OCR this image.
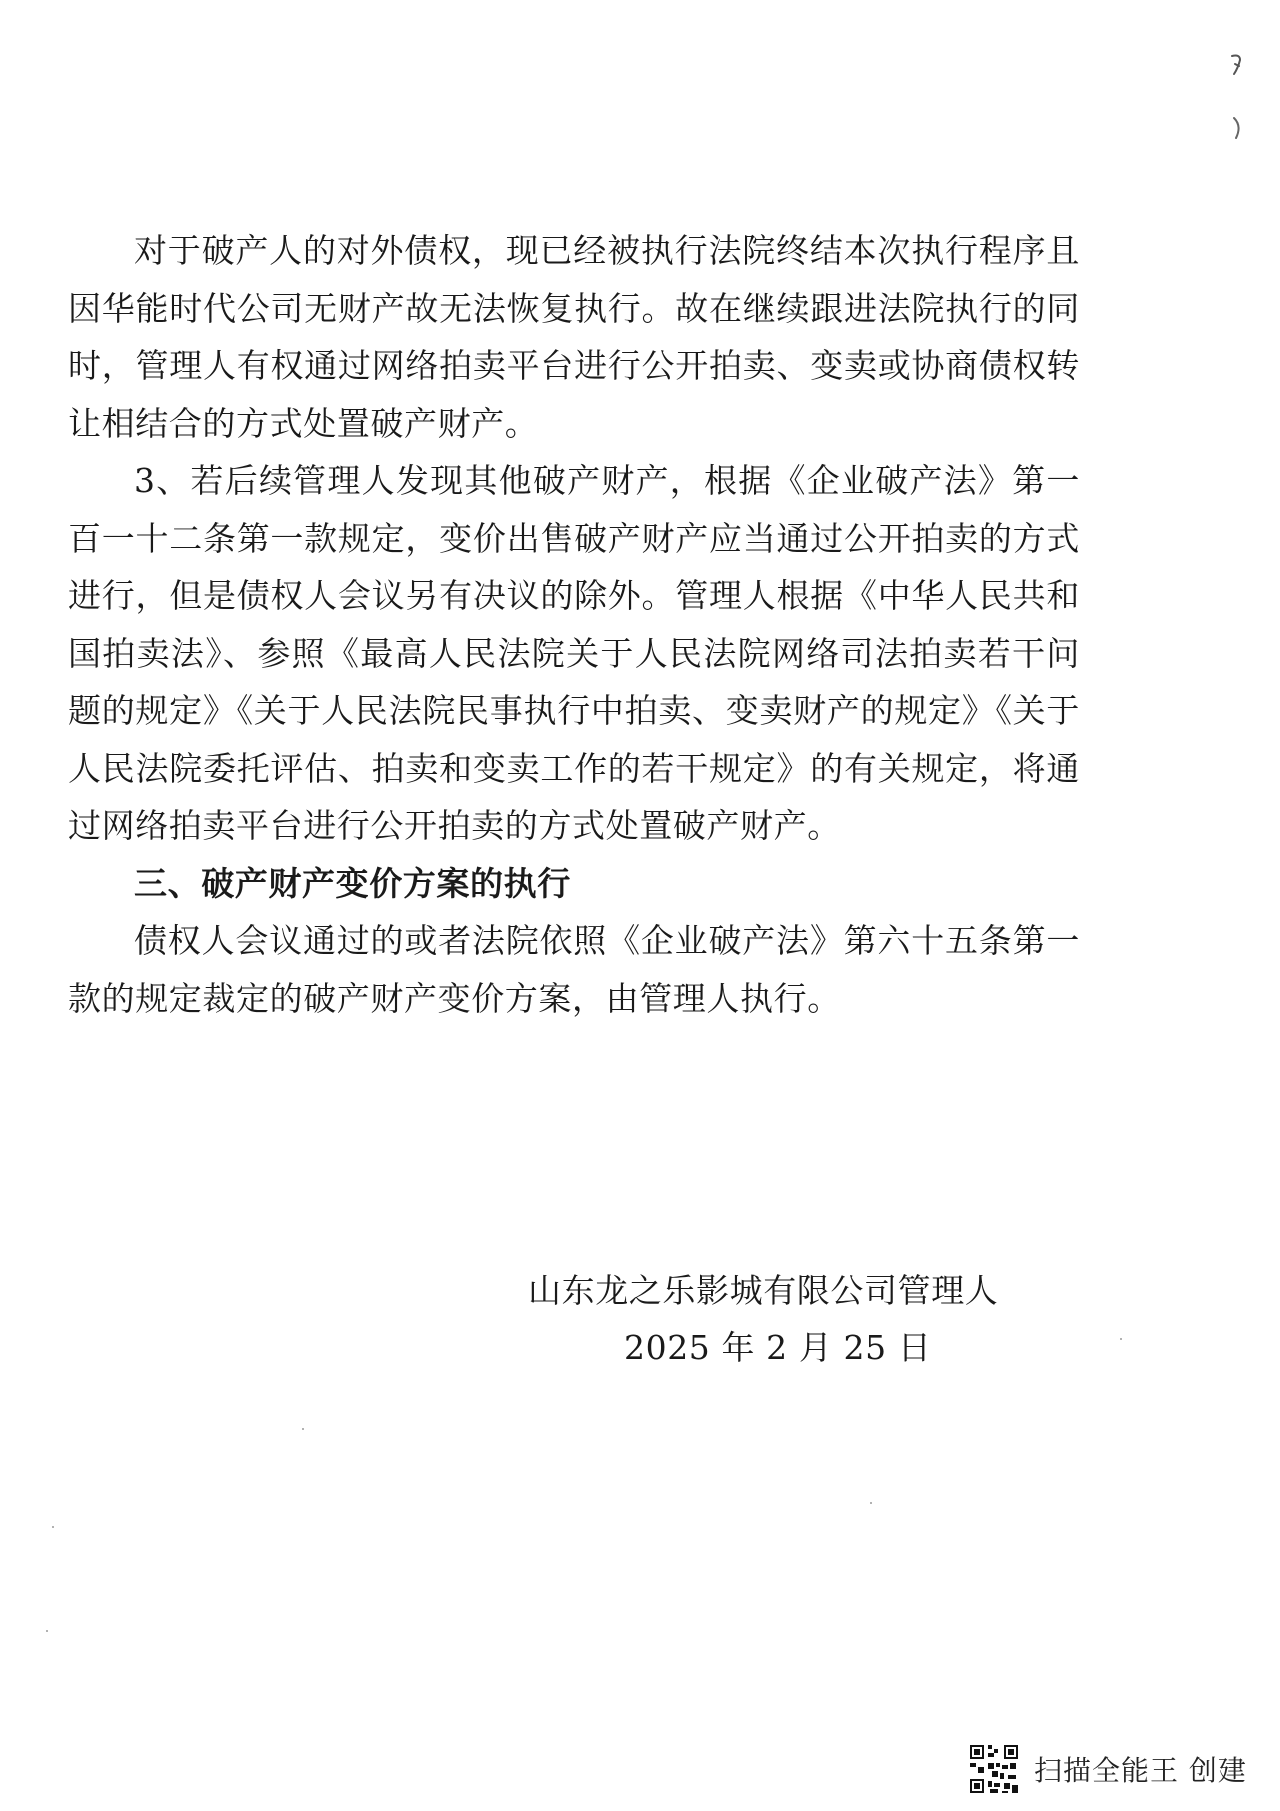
对于破产人的对外债权，现已经被执行法院终结本次执行程序且因华能时代公司无财产故无法恢复执行。故在继续跟进法院执行的同时，管理人有权通过网络拍卖平台进行公开拍卖、变卖或协商债权转让相结合的方式处置破产财产。

3、若后续管理人发现其他破产财产，根据《企业破产法》第一百一十二条第一款规定，变价出售破产财产应当通过公开拍卖的方式进行，但是债权人会议另有决议的除外。管理人根据《中华人民共和国拍卖法》、参照《最高人民法院关于人民法院网络司法拍卖若干问题的规定》《关于人民法院民事执行中拍卖、变卖财产的规定》《关于人民法院委托评估、拍卖和变卖工作的若干规定》的有关规定，将通过网络拍卖平台进行公开拍卖的方式处置破产财产。

三、破产财产变价方案的执行

债权人会议通过的或者法院依照《企业破产法》第六十五条第一款的规定裁定的破产财产变价方案，由管理人执行。

山东龙之乐影城有限公司管理人

2025 年 2 月 25 日

扫描全能王 创建
